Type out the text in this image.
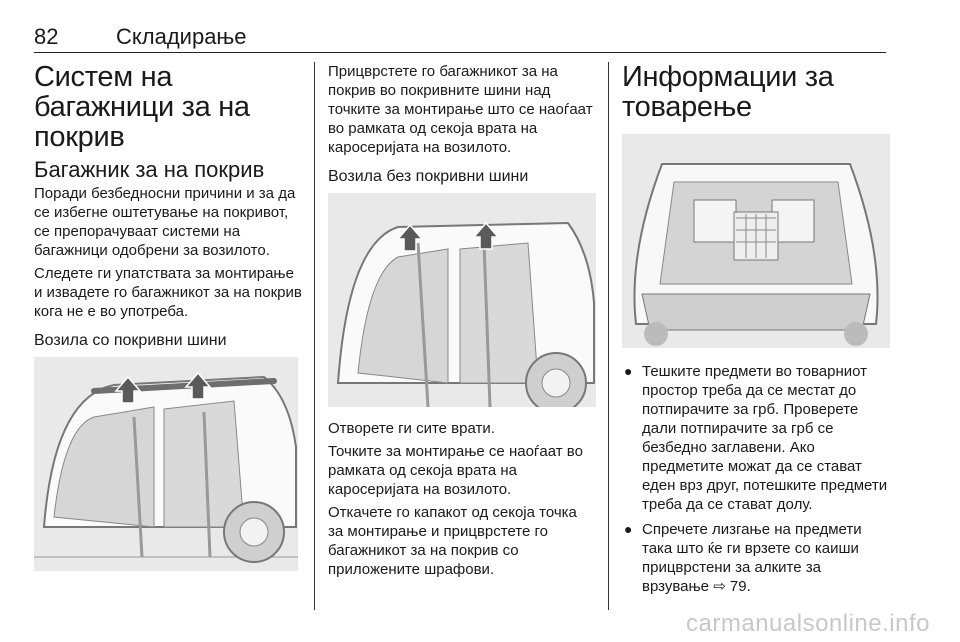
82	Складирање
Систем на багажници за на покрив
Багажник за на покрив

Поради безбедносни причини и за да се избегне оштетување на покривот, се препорачуваат системи на багажници одобрени за возилото.

Следете ги упатствата за монтирање и извадете го багажникот за на покрив кога не е во употреба.

Возила со покривни шини

Прицврстете го багажникот за на покрив во покривните шини над точките за монтирање што се наоѓаат во рамката од секоја врата на каросеријата на возилото.

Возила без покривни шини

Отворете ги сите врати.

Точките за монтирање се наоѓаат во рамката од секоја врата на каросеријата на возилото.

Откачете го капакот од секоја точка за монтирање и прицврстете го багажникот за на покрив со приложените шрафови.

Информации за товарење
● Тешките предмети во товарниот простор треба да се местат до потпирачите за грб. Проверете дали потпирачите за грб се безбедно заглавени. Ако предметите можат да се стават еден врз друг, потешките предмети треба да се стават долу.
● Спречете лизгање на предмети така што ќе ги врзете со каиши прицврстени за алките за врзување ⇨ 79.
carmanualsonline.info
